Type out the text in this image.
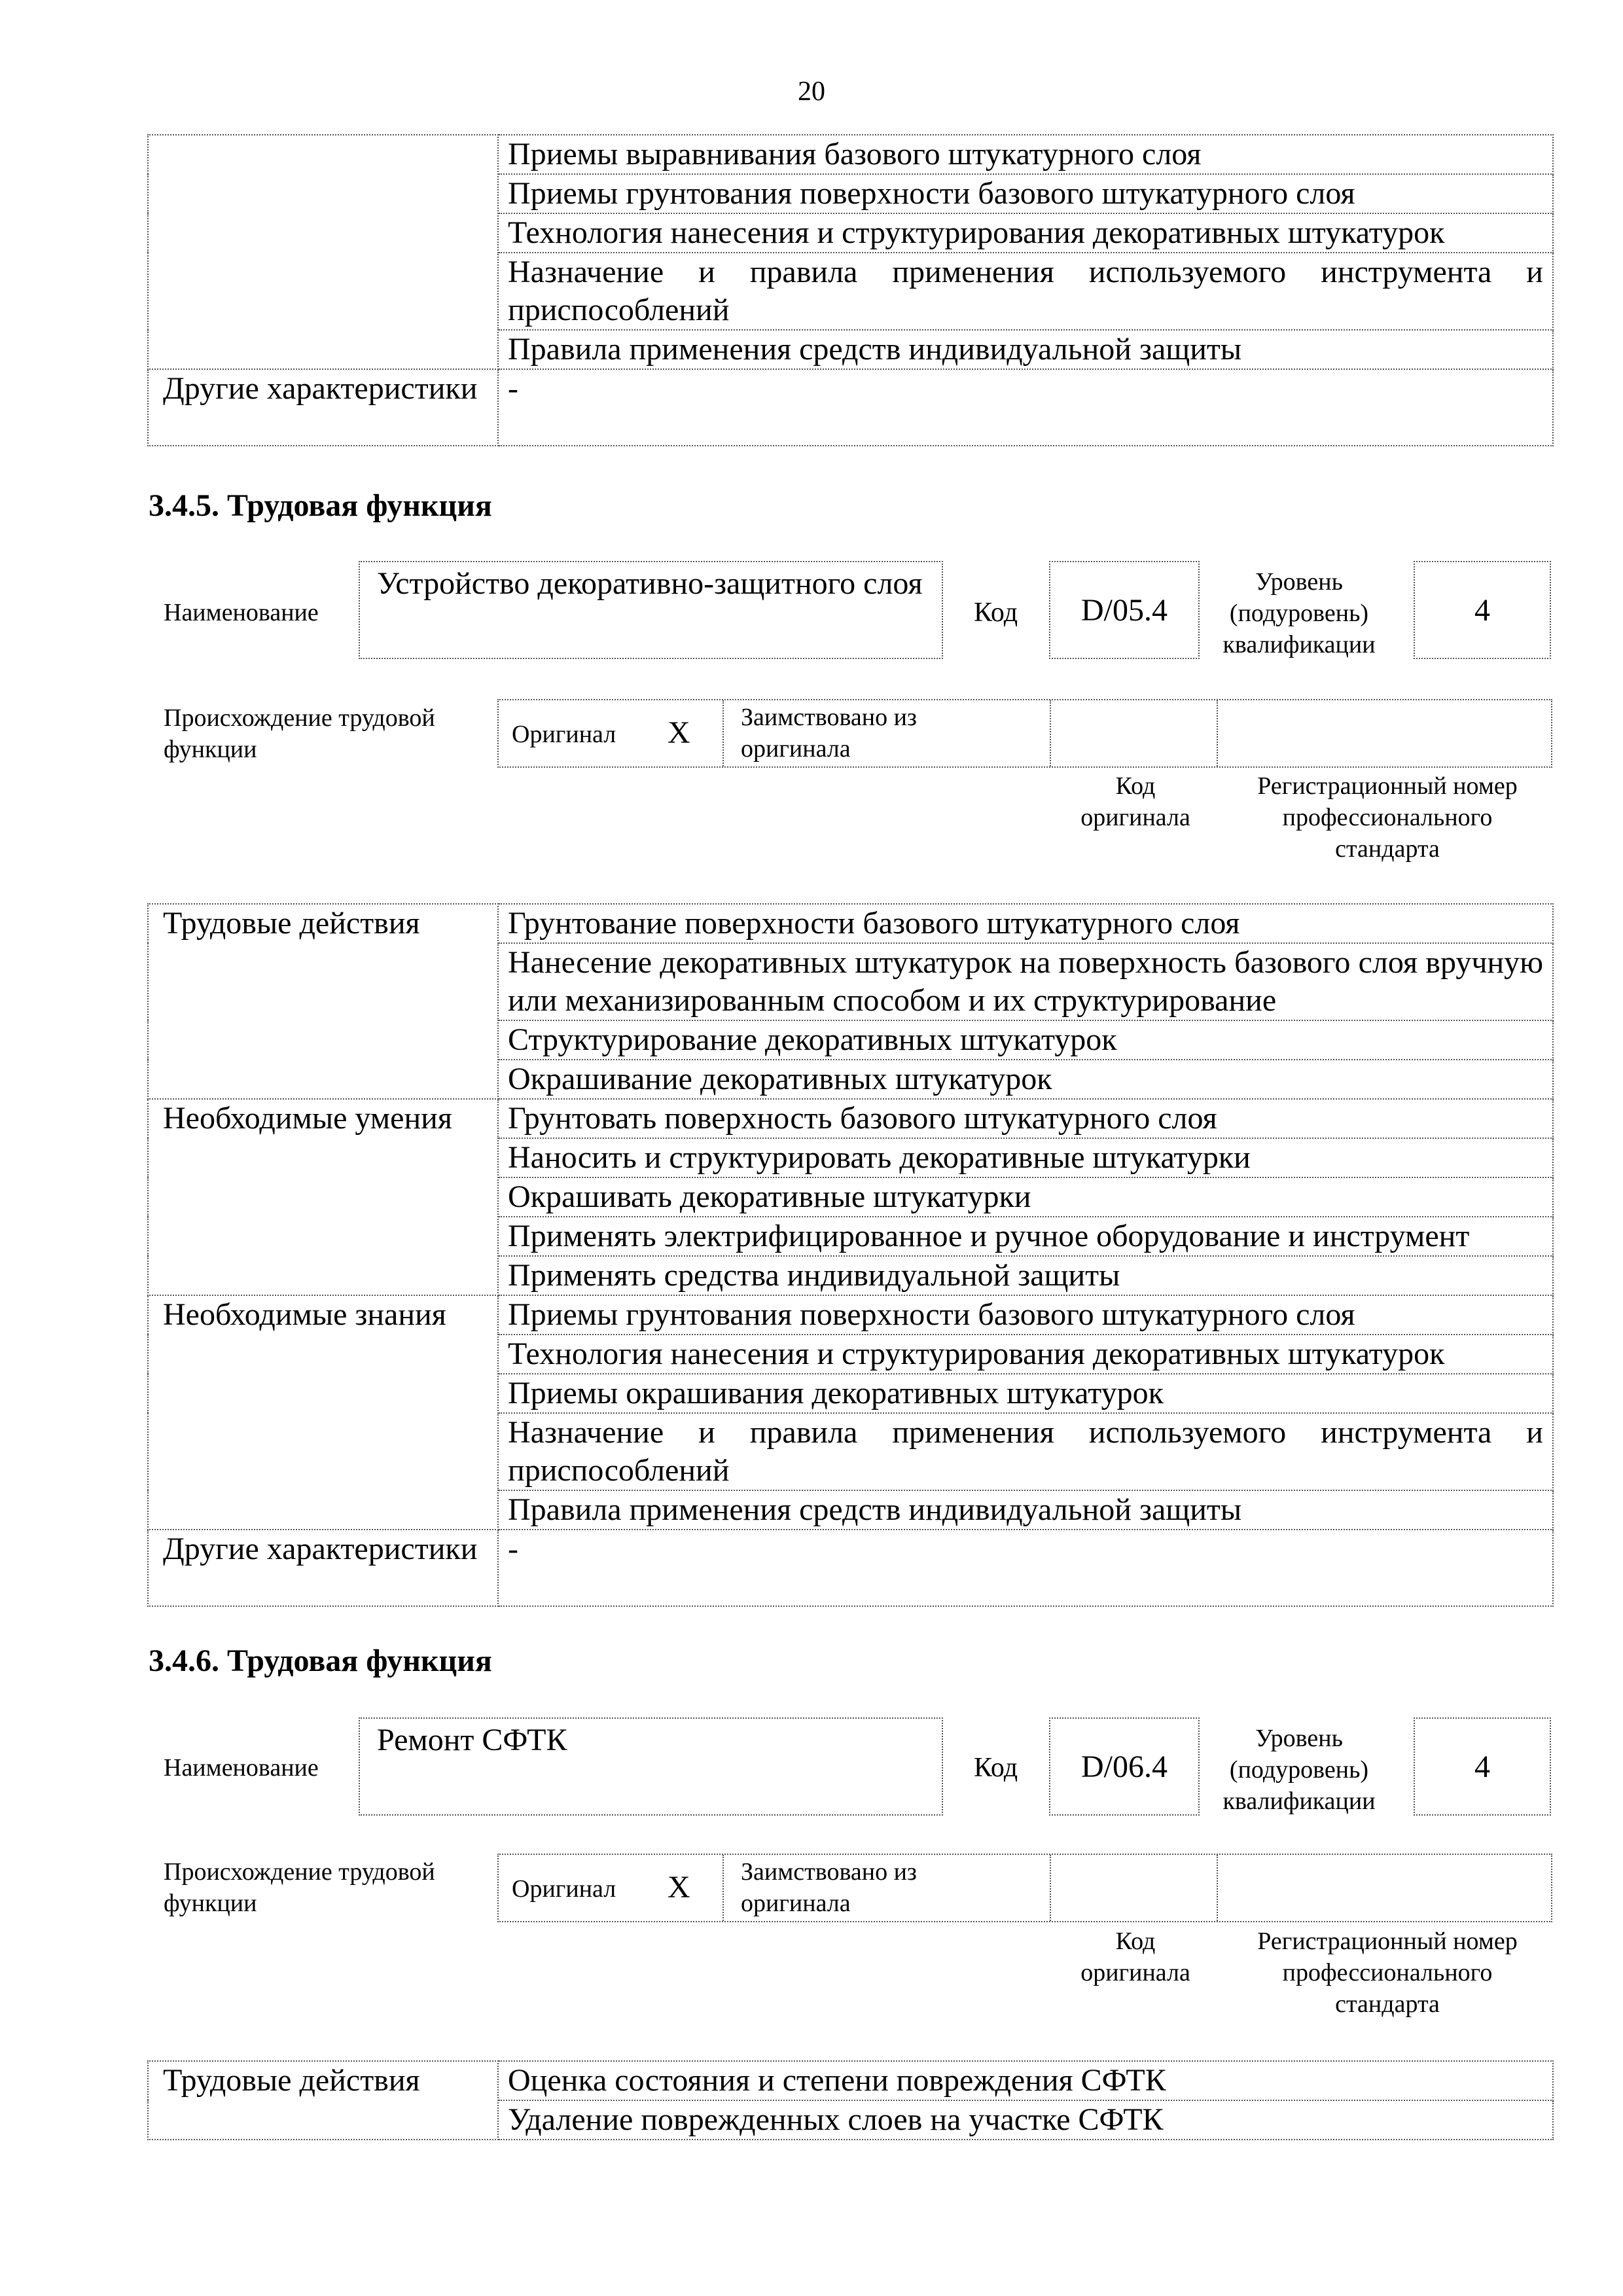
20
	Приемы выравнивания базового штукатурного слоя
	Приемы грунтования поверхности базового штукатурного слоя
	Технология нанесения и структурирования декоративных штукатурок
	Назначение и правила применения используемого инструмента и приспособлений
	Правила применения средств индивидуальной защиты
Другие характеристики	-
3.4.5. Трудовая функция
Наименование
Устройство декоративно-защитного слоя
Код D/05.4
Уровень (подуровень) квалификации
4
Происхождение трудовой функции
Оригинал X Заимствовано из оригинала
Код оригинала
Регистрационный номер профессионального стандарта
Трудовые действия	Грунтование поверхности базового штукатурного слоя
	Нанесение декоративных штукатурок на поверхность базового слоя вручную или механизированным способом и их структурирование
	Структурирование декоративных штукатурок
	Окрашивание декоративных штукатурок
Необходимые умения	Грунтовать поверхность базового штукатурного слоя
	Наносить и структурировать декоративные штукатурки
	Окрашивать декоративные штукатурки
	Применять электрифицированное и ручное оборудование и инструмент
	Применять средства индивидуальной защиты
Необходимые знания	Приемы грунтования поверхности базового штукатурного слоя
	Технология нанесения и структурирования декоративных штукатурок
	Приемы окрашивания декоративных штукатурок
	Назначение и правила применения используемого инструмента и приспособлений
	Правила применения средств индивидуальной защиты
Другие характеристики	-
3.4.6. Трудовая функция
Наименование
Ремонт СФТК
Код D/06.4
Уровень (подуровень) квалификации
4
Происхождение трудовой функции
Оригинал X Заимствовано из оригинала
Код оригинала
Регистрационный номер профессионального стандарта
Трудовые действия	Оценка состояния и степени повреждения СФТК
Удаление поврежденных слоев на участке СФТК
